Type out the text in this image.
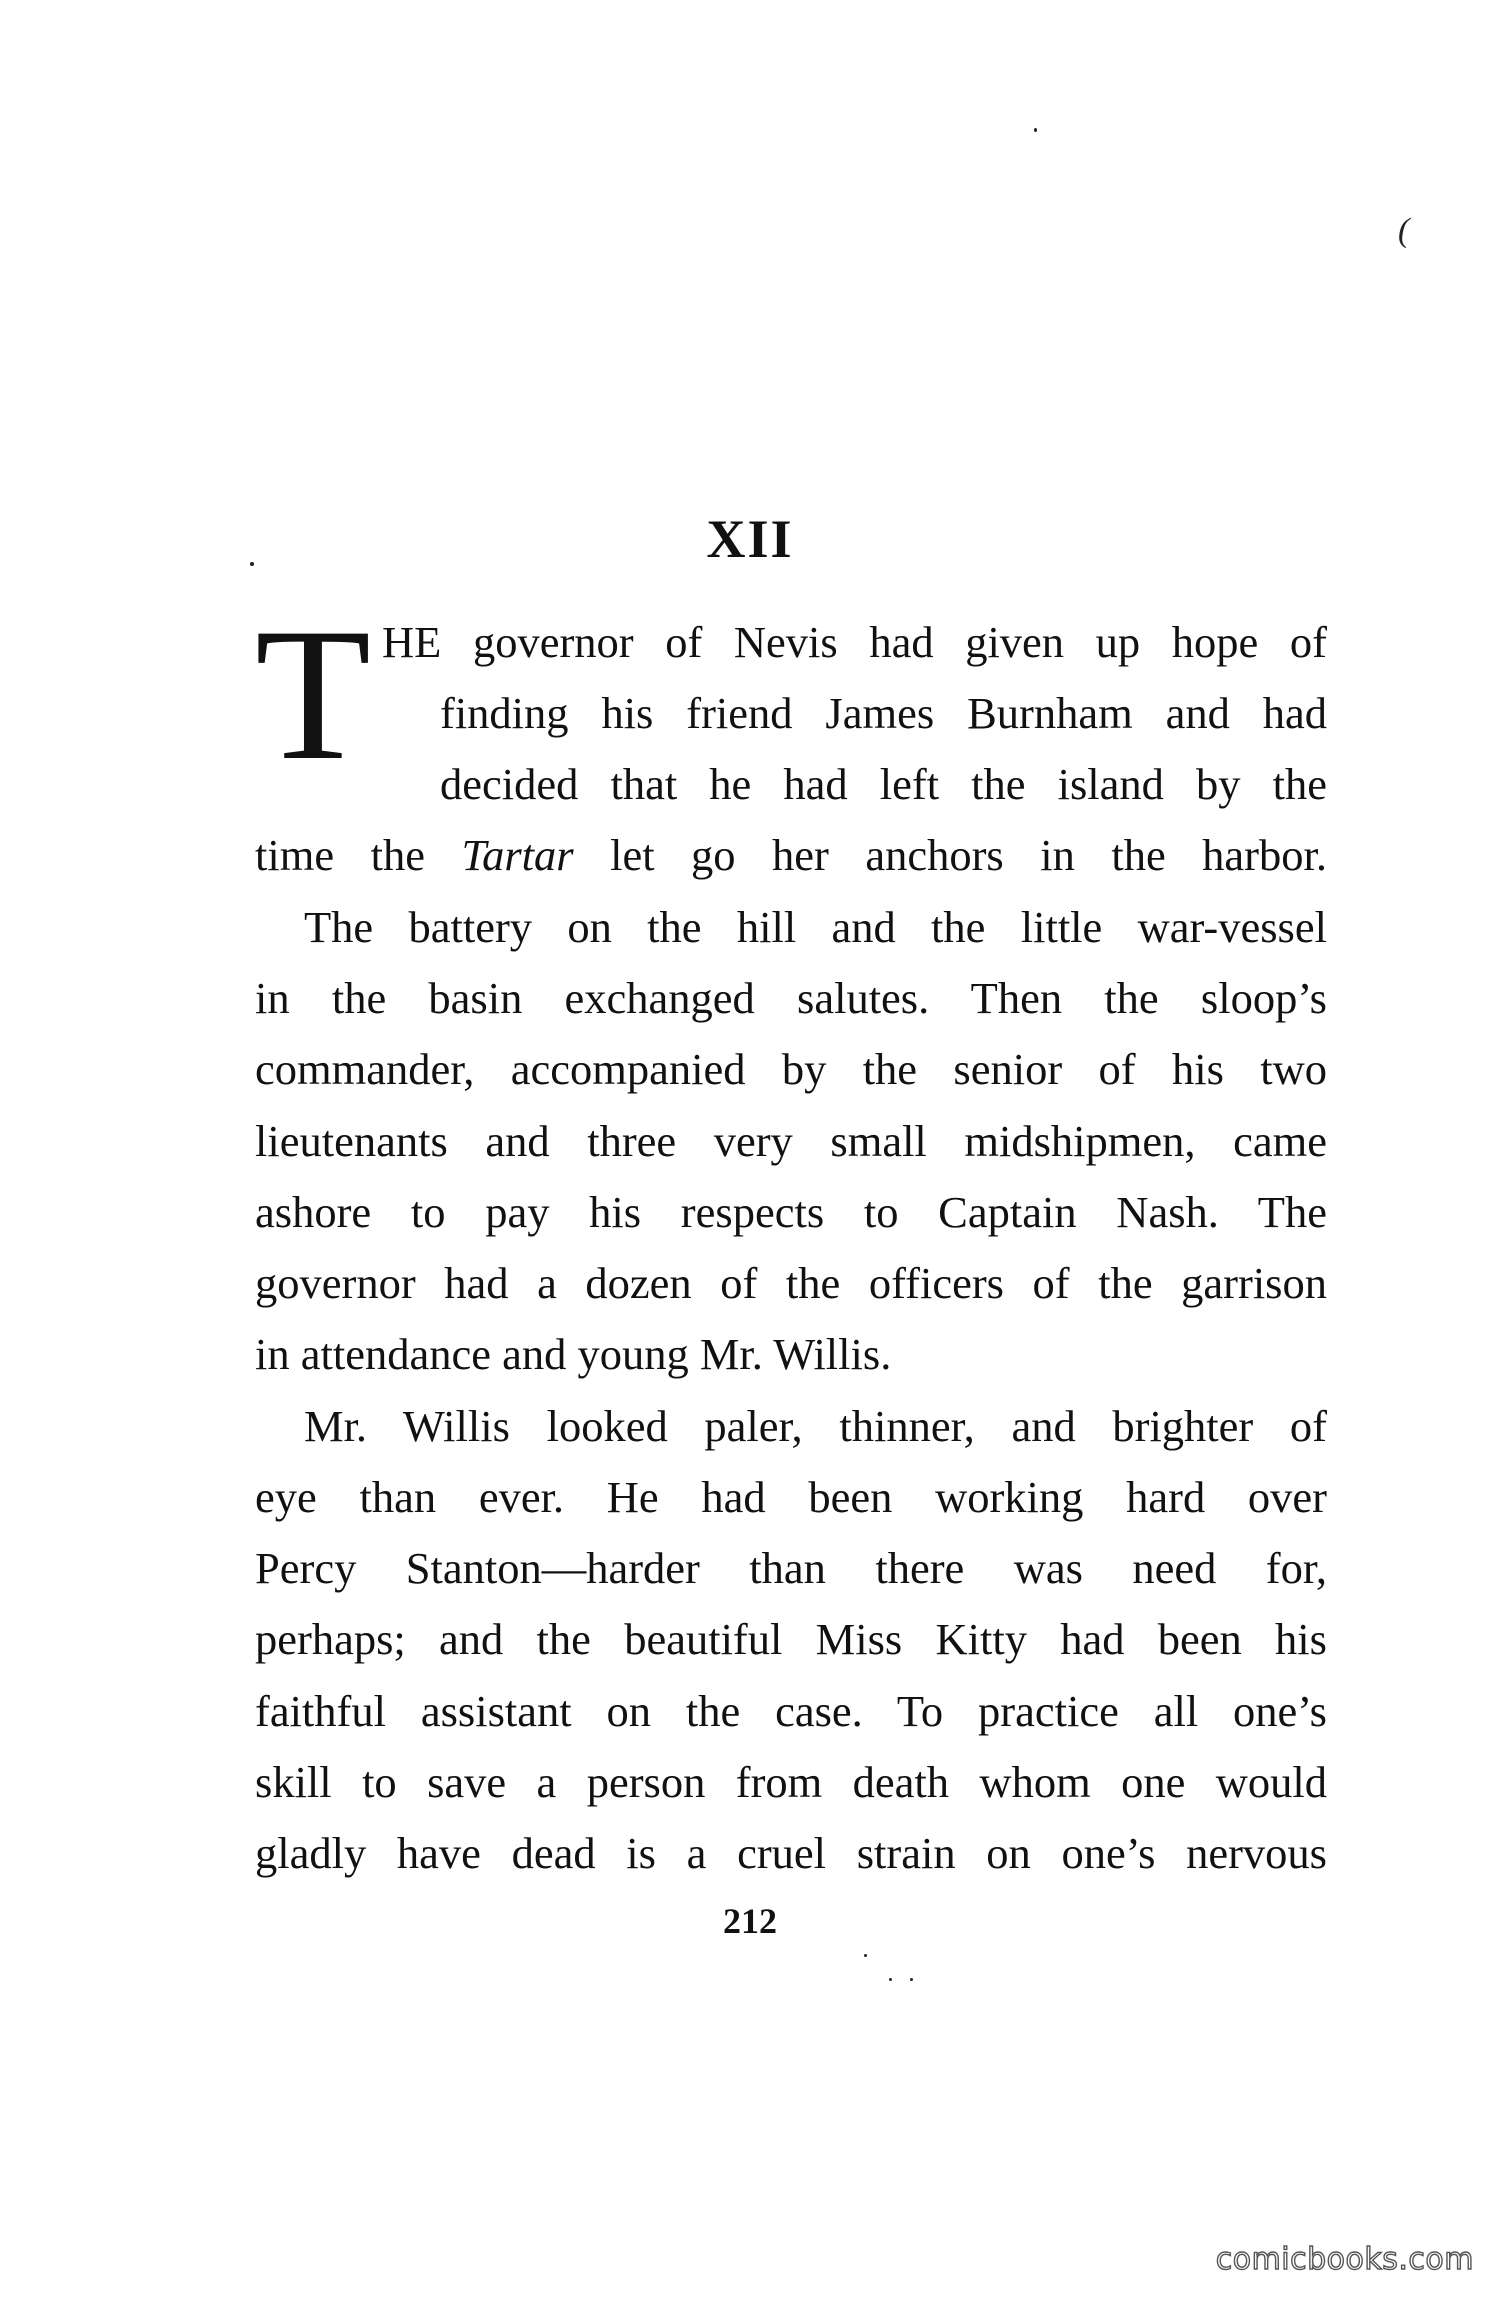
(
XII
T HE governor of Nevis had given up hope of
finding his friend James Burnham and had
decided that he had left the island by the
time the Tartar let go her anchors in the harbor.
The battery on the hill and the little war-vessel
in the basin exchanged salutes. Then the sloop’s
commander, accompanied by the senior of his two
lieutenants and three very small midshipmen, came
ashore to pay his respects to Captain Nash. The
governor had a dozen of the officers of the garrison
in attendance and young Mr. Willis.
Mr. Willis looked paler, thinner, and brighter of
eye than ever. He had been working hard over
Percy Stanton—harder than there was need for,
perhaps; and the beautiful Miss Kitty had been his
faithful assistant on the case. To practice all one’s
skill to save a person from death whom one would
gladly have dead is a cruel strain on one’s nervous
212
comicbooks.com
